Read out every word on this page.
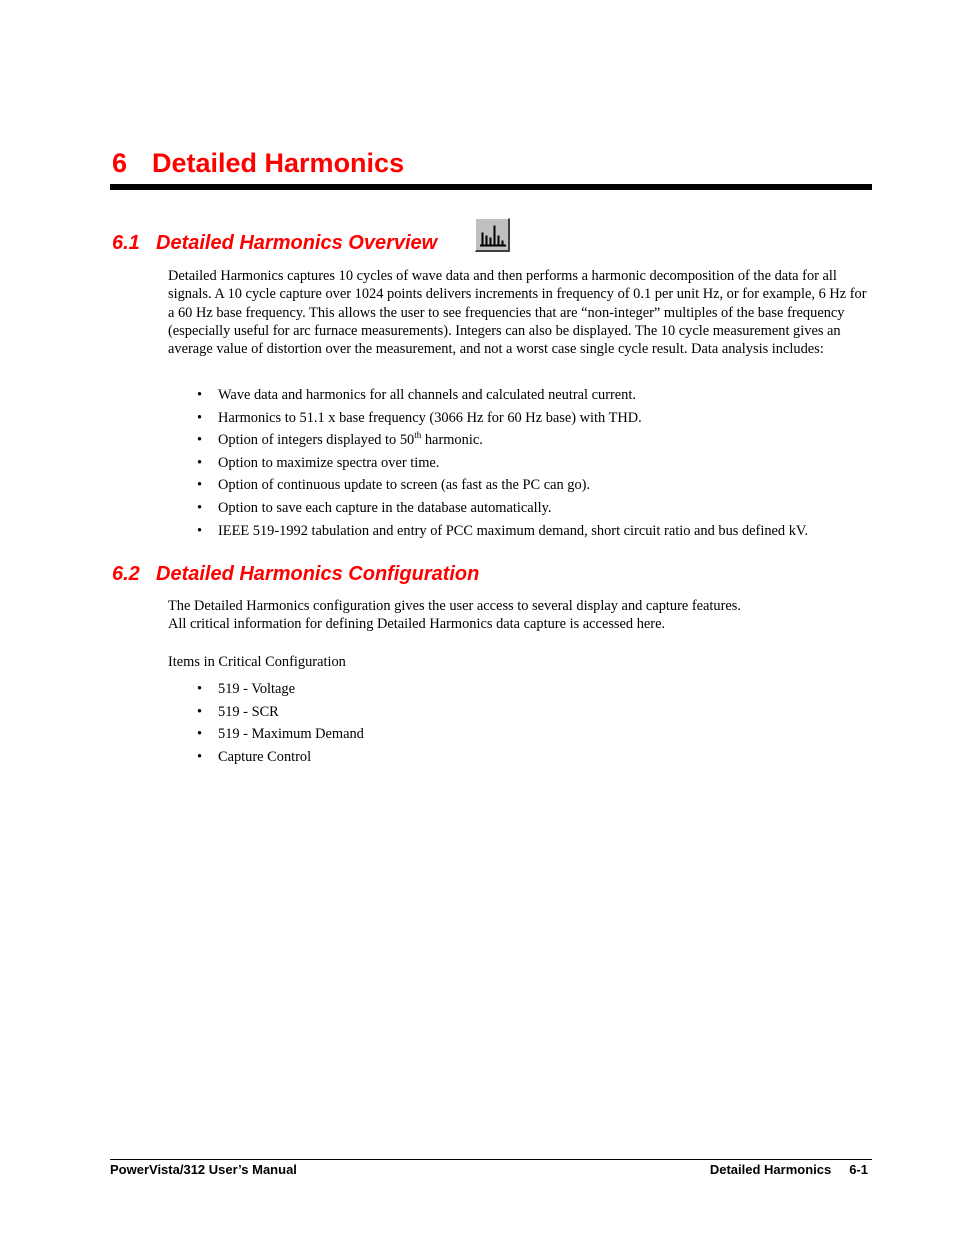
6 Detailed Harmonics
6.1 Detailed Harmonics Overview

Detailed Harmonics captures 10 cycles of wave data and then performs a harmonic decomposition of the data for all signals. A 10 cycle capture over 1024 points delivers increments in frequency of 0.1 per unit Hz, or for example, 6 Hz for a 60 Hz base frequency. This allows the user to see frequencies that are “non-integer” multiples of the base frequency (especially useful for arc furnace measurements). Integers can also be displayed. The 10 cycle measurement gives an average value of distortion over the measurement, and not a worst case single cycle result. Data analysis includes:

• Wave data and harmonics for all channels and calculated neutral current.
• Harmonics to 51.1 x base frequency (3066 Hz for 60 Hz base) with THD.
• Option of integers displayed to 50th harmonic.
• Option to maximize spectra over time.
• Option of continuous update to screen (as fast as the PC can go).
• Option to save each capture in the database automatically.
• IEEE 519-1992 tabulation and entry of PCC maximum demand, short circuit ratio and bus defined kV.
6.2 Detailed Harmonics Configuration

The Detailed Harmonics configuration gives the user access to several display and capture features.
All critical information for defining Detailed Harmonics data capture is accessed here.

Items in Critical Configuration

• 519 - Voltage
• 519 - SCR
• 519 - Maximum Demand
• Capture Control
PowerVista/312 User’s Manual	Detailed Harmonics 6-1
